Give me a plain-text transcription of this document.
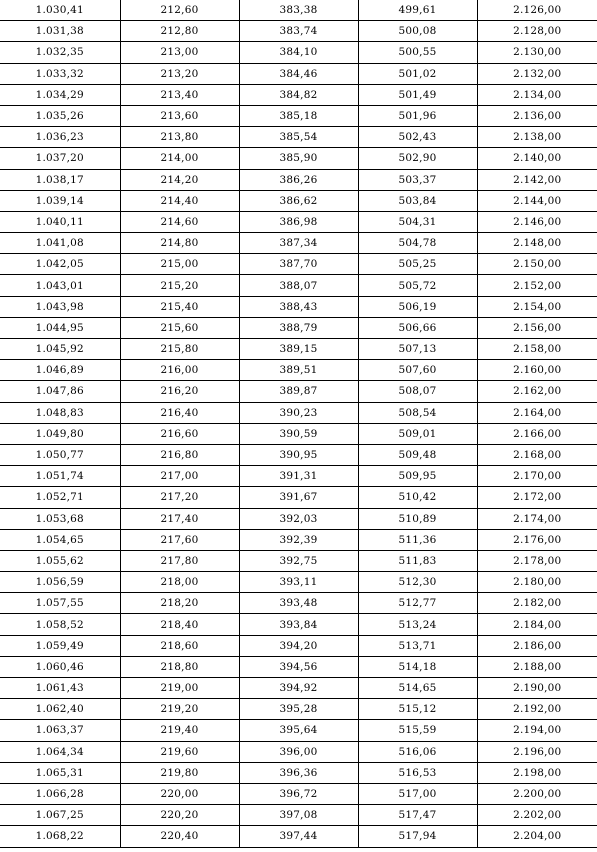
1.030,41	212,60	383,38	499,61	2.126,00
1.031,38	212,80	383,74	500,08	2.128,00
1.032,35	213,00	384,10	500,55	2.130,00
1.033,32	213,20	384,46	501,02	2.132,00
1.034,29	213,40	384,82	501,49	2.134,00
1.035,26	213,60	385,18	501,96	2.136,00
1.036,23	213,80	385,54	502,43	2.138,00
1.037,20	214,00	385,90	502,90	2.140,00
1.038,17	214,20	386,26	503,37	2.142,00
1.039,14	214,40	386,62	503,84	2.144,00
1.040,11	214,60	386,98	504,31	2.146,00
1.041,08	214,80	387,34	504,78	2.148,00
1.042,05	215,00	387,70	505,25	2.150,00
1.043,01	215,20	388,07	505,72	2.152,00
1.043,98	215,40	388,43	506,19	2.154,00
1.044,95	215,60	388,79	506,66	2.156,00
1.045,92	215,80	389,15	507,13	2.158,00
1.046,89	216,00	389,51	507,60	2.160,00
1.047,86	216,20	389,87	508,07	2.162,00
1.048,83	216,40	390,23	508,54	2.164,00
1.049,80	216,60	390,59	509,01	2.166,00
1.050,77	216,80	390,95	509,48	2.168,00
1.051,74	217,00	391,31	509,95	2.170,00
1.052,71	217,20	391,67	510,42	2.172,00
1.053,68	217,40	392,03	510,89	2.174,00
1.054,65	217,60	392,39	511,36	2.176,00
1.055,62	217,80	392,75	511,83	2.178,00
1.056,59	218,00	393,11	512,30	2.180,00
1.057,55	218,20	393,48	512,77	2.182,00
1.058,52	218,40	393,84	513,24	2.184,00
1.059,49	218,60	394,20	513,71	2.186,00
1.060,46	218,80	394,56	514,18	2.188,00
1.061,43	219,00	394,92	514,65	2.190,00
1.062,40	219,20	395,28	515,12	2.192,00
1.063,37	219,40	395,64	515,59	2.194,00
1.064,34	219,60	396,00	516,06	2.196,00
1.065,31	219,80	396,36	516,53	2.198,00
1.066,28	220,00	396,72	517,00	2.200,00
1.067,25	220,20	397,08	517,47	2.202,00
1.068,22	220,40	397,44	517,94	2.204,00
